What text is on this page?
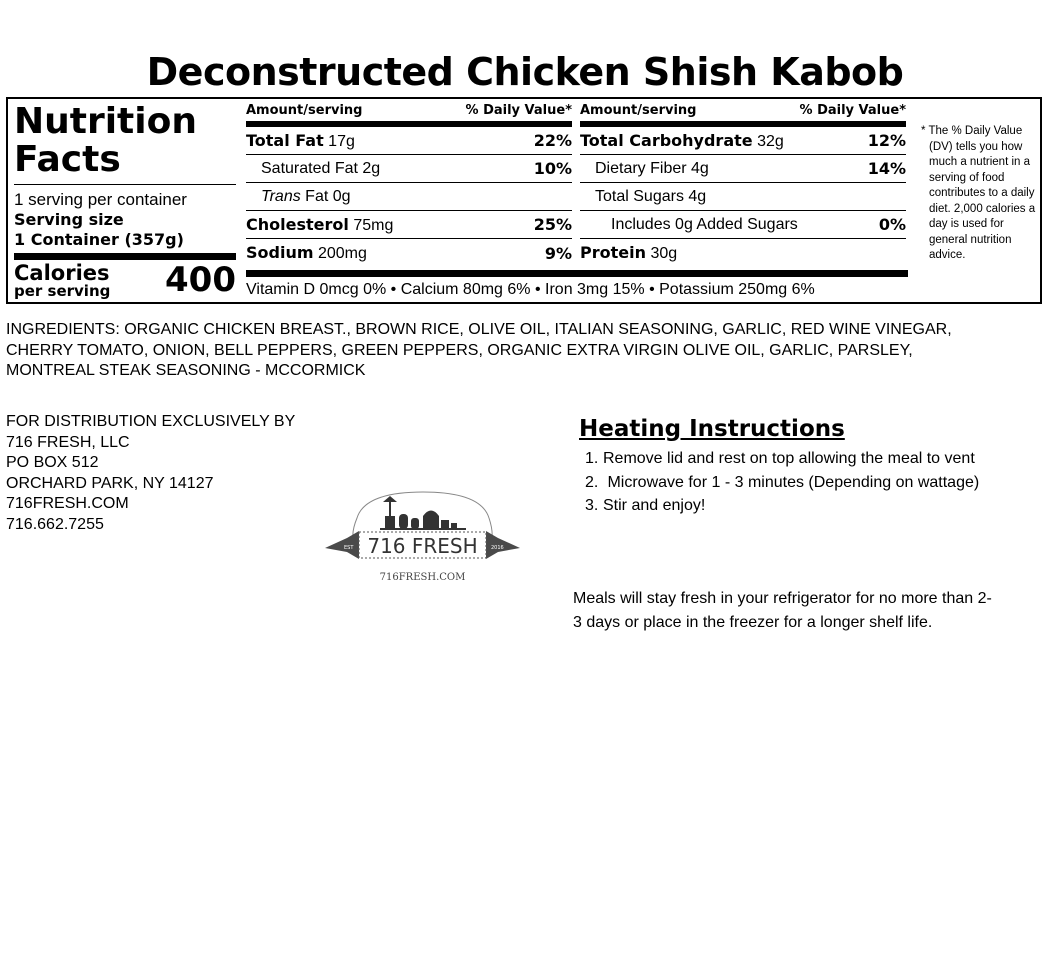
Deconstructed Chicken Shish Kabob
Nutrition
Facts
1 serving per container
Serving size
1 Container (357g)
Calories
per serving 400
Amount/serving	% Daily Value*
Total Fat 17g	22%
Saturated Fat 2g	10%
Trans Fat 0g
Cholesterol 75mg	25%
Sodium 200mg	9%
Amount/serving	% Daily Value*
Total Carbohydrate 32g	12%
Dietary Fiber 4g	14%
Total Sugars 4g
Includes 0g Added Sugars	0%
Protein 30g
Vitamin D 0mcg 0% • Calcium 80mg 6% • Iron 3mg 15% • Potassium 250mg 6%
* The % Daily Value (DV) tells you how much a nutrient in a serving of food contributes to a daily diet. 2,000 calories a day is used for general nutrition advice.
INGREDIENTS: ORGANIC CHICKEN BREAST., BROWN RICE, OLIVE OIL, ITALIAN SEASONING, GARLIC, RED WINE VINEGAR,
CHERRY TOMATO, ONION, BELL PEPPERS, GREEN PEPPERS, ORGANIC EXTRA VIRGIN OLIVE OIL, GARLIC, PARSLEY,
MONTREAL STEAK SEASONING - MCCORMICK
FOR DISTRIBUTION EXCLUSIVELY BY
716 FRESH, LLC
PO BOX 512
ORCHARD PARK, NY 14127
716FRESH.COM
716.662.7255
EST	2016
716 FRESH
716FRESH.COM
Heating Instructions
1. Remove lid and rest on top allowing the meal to vent
2. Microwave for 1 - 3 minutes (Depending on wattage)
3. Stir and enjoy!
Meals will stay fresh in your refrigerator for no more than 2-3 days or place in the freezer for a longer shelf life.
